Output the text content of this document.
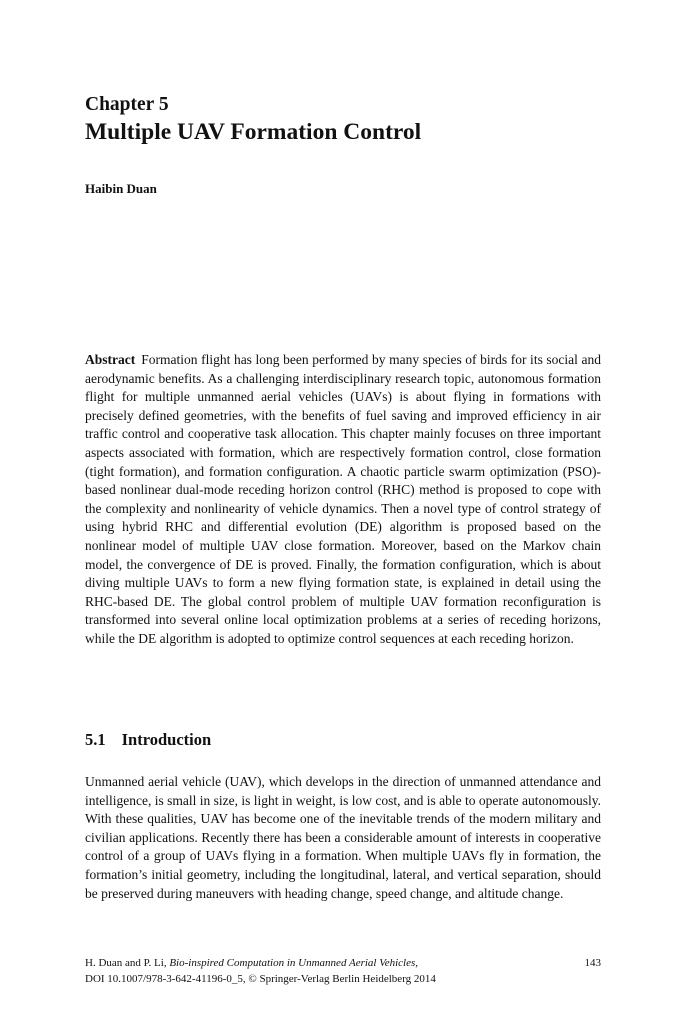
Chapter 5
Multiple UAV Formation Control
Haibin Duan

Abstract Formation flight has long been performed by many species of birds for its social and aerodynamic benefits. As a challenging interdisciplinary research topic, autonomous formation flight for multiple unmanned aerial vehicles (UAVs) is about flying in formations with precisely defined geometries, with the benefits of fuel saving and improved efficiency in air traffic control and cooperative task allocation. This chapter mainly focuses on three important aspects associated with formation, which are respectively formation control, close formation (tight formation), and formation configuration. A chaotic particle swarm optimization (PSO)-based nonlinear dual-mode receding horizon control (RHC) method is proposed to cope with the complexity and nonlinearity of vehicle dynamics. Then a novel type of control strategy of using hybrid RHC and differential evolution (DE) algorithm is proposed based on the nonlinear model of multiple UAV close formation. Moreover, based on the Markov chain model, the convergence of DE is proved. Finally, the formation configuration, which is about diving multiple UAVs to form a new flying formation state, is explained in detail using the RHC-based DE. The global control problem of multiple UAV formation reconfiguration is transformed into several online local optimization problems at a series of receding horizons, while the DE algorithm is adopted to optimize control sequences at each receding horizon.

5.1 Introduction

Unmanned aerial vehicle (UAV), which develops in the direction of unmanned attendance and intelligence, is small in size, is light in weight, is low cost, and is able to operate autonomously. With these qualities, UAV has become one of the inevitable trends of the modern military and civilian applications. Recently there has been a considerable amount of interests in cooperative control of a group of UAVs flying in a formation. When multiple UAVs fly in formation, the formation’s initial geometry, including the longitudinal, lateral, and vertical separation, should be preserved during maneuvers with heading change, speed change, and altitude change.

H. Duan and P. Li, Bio-inspired Computation in Unmanned Aerial Vehicles,	143
DOI 10.1007/978-3-642-41196-0_5, © Springer-Verlag Berlin Heidelberg 2014
